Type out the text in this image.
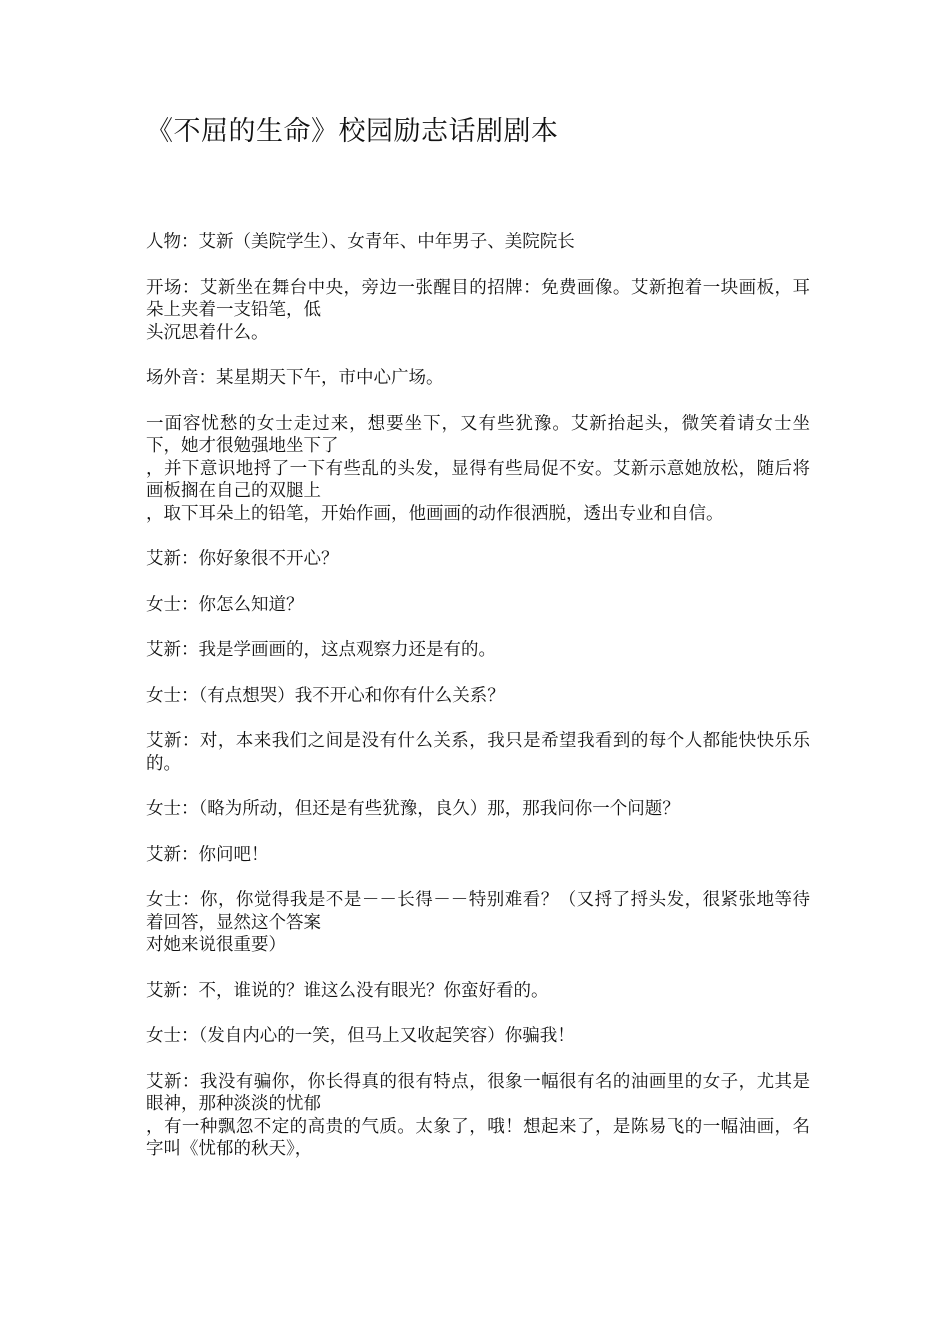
《不屈的生命》校园励志话剧剧本

人物：艾新（美院学生）、女青年、中年男子、美院院长

开场：艾新坐在舞台中央，旁边一张醒目的招牌：免费画像。艾新抱着一块画板，耳朵上夹着一支铅笔，低
头沉思着什么。

场外音：某星期天下午，市中心广场。

一面容忧愁的女士走过来，想要坐下，又有些犹豫。艾新抬起头，微笑着请女士坐下，她才很勉强地坐下了
，并下意识地捋了一下有些乱的头发，显得有些局促不安。艾新示意她放松，随后将画板搁在自己的双腿上
，取下耳朵上的铅笔，开始作画，他画画的动作很洒脱，透出专业和自信。

艾新：你好象很不开心？

女士：你怎么知道？

艾新：我是学画画的，这点观察力还是有的。

女士：（有点想哭）我不开心和你有什么关系？

艾新：对，本来我们之间是没有什么关系，我只是希望我看到的每个人都能快快乐乐的。

女士：（略为所动，但还是有些犹豫，良久）那，那我问你一个问题？

艾新：你问吧！

女士：你，你觉得我是不是－－长得－－特别难看？（又捋了捋头发，很紧张地等待着回答，显然这个答案
对她来说很重要）

艾新：不，谁说的？谁这么没有眼光？你蛮好看的。

女士：（发自内心的一笑，但马上又收起笑容）你骗我！

艾新：我没有骗你，你长得真的很有特点，很象一幅很有名的油画里的女子，尤其是眼神，那种淡淡的忧郁
，有一种飘忽不定的高贵的气质。太象了，哦！想起来了，是陈易飞的一幅油画，名字叫《忧郁的秋天》，
